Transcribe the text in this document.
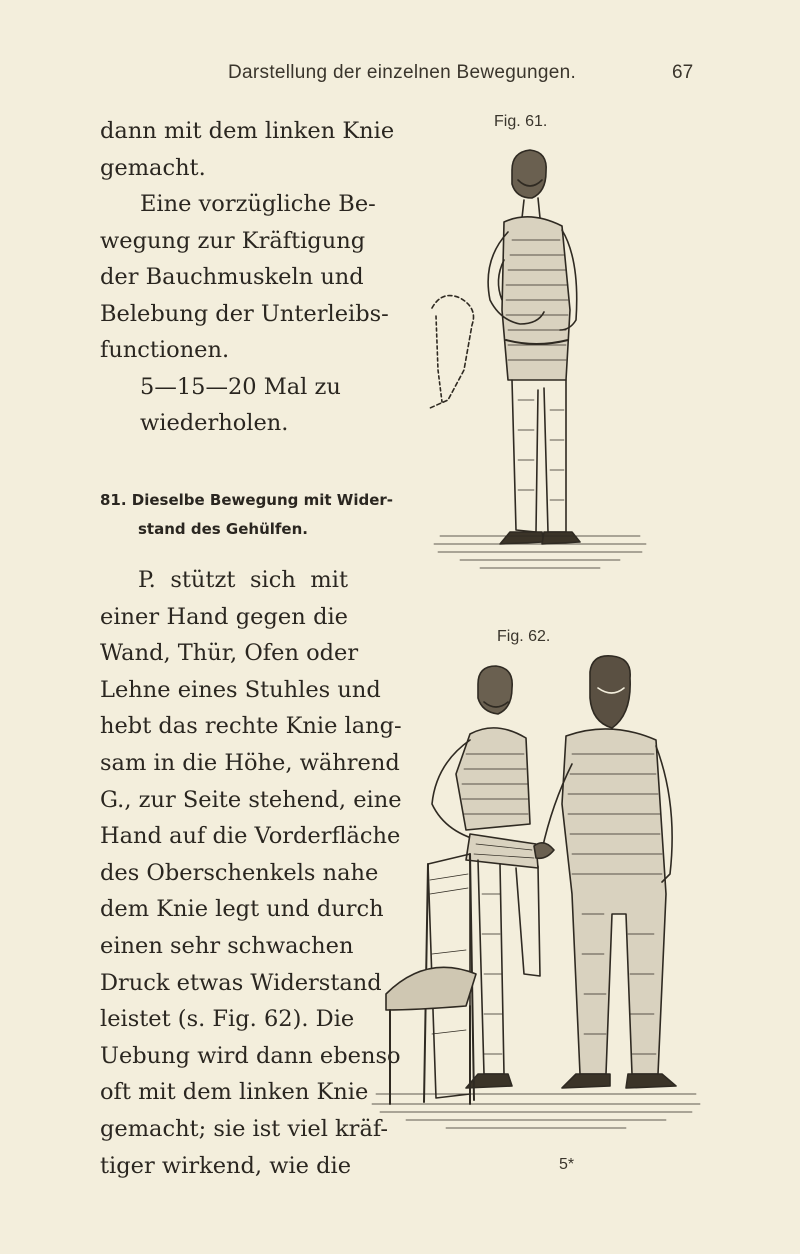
Darstellung der einzelnen Bewegungen.	67
dann mit dem linken Knie
gemacht.
Eine vorzügliche Be-
wegung zur Kräftigung
der Bauchmuskeln und
Belebung der Unterleibs-
functionen.
5—15—20 Mal zu
wiederholen.
81. Dieselbe Bewegung mit Wider-
stand des Gehülfen.
P. stützt sich mit
einer Hand gegen die
Wand, Thür, Ofen oder
Lehne eines Stuhles und
hebt das rechte Knie lang-
sam in die Höhe, während
G., zur Seite stehend, eine
Hand auf die Vorderfläche
des Oberschenkels nahe
dem Knie legt und durch
einen sehr schwachen
Druck etwas Widerstand
leistet (s. Fig. 62). Die
Uebung wird dann ebenso
oft mit dem linken Knie
gemacht; sie ist viel kräf-
tiger wirkend, wie die
Fig. 61.
Fig. 62.
5*
